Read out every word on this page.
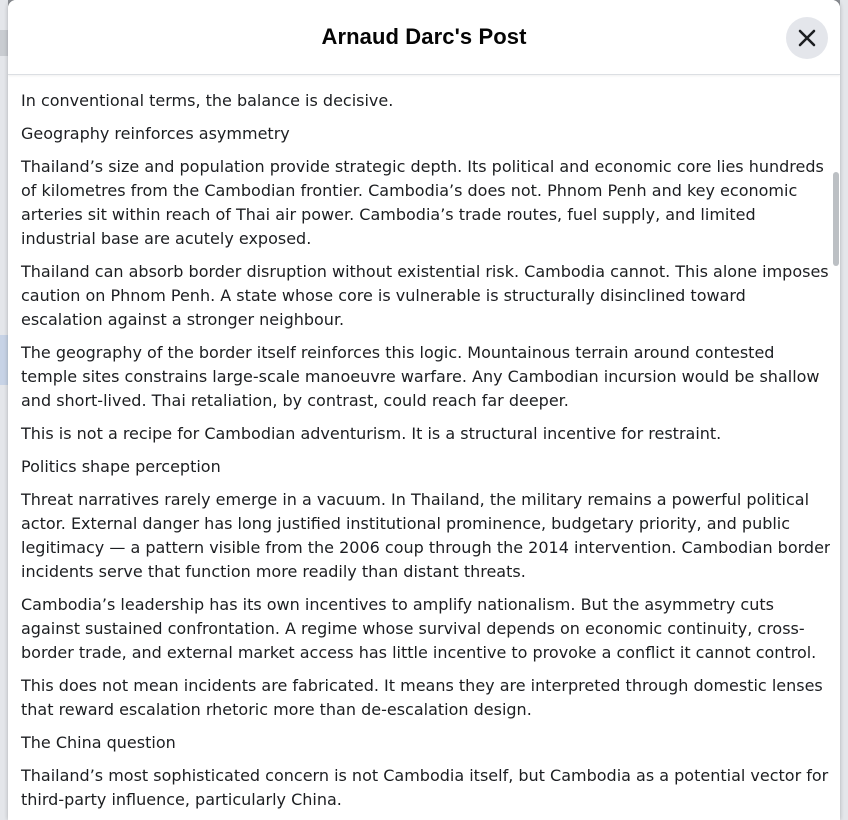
Arnaud Darc's Post

In conventional terms, the balance is decisive.

Geography reinforces asymmetry

Thailand’s size and population provide strategic depth. Its political and economic core lies hundreds of kilometres from the Cambodian frontier. Cambodia’s does not. Phnom Penh and key economic arteries sit within reach of Thai air power. Cambodia’s trade routes, fuel supply, and limited industrial base are acutely exposed.

Thailand can absorb border disruption without existential risk. Cambodia cannot. This alone imposes caution on Phnom Penh. A state whose core is vulnerable is structurally disinclined toward escalation against a stronger neighbour.

The geography of the border itself reinforces this logic. Mountainous terrain around contested temple sites constrains large-scale manoeuvre warfare. Any Cambodian incursion would be shallow and short-lived. Thai retaliation, by contrast, could reach far deeper.

This is not a recipe for Cambodian adventurism. It is a structural incentive for restraint.

Politics shape perception

Threat narratives rarely emerge in a vacuum. In Thailand, the military remains a powerful political actor. External danger has long justified institutional prominence, budgetary priority, and public legitimacy — a pattern visible from the 2006 coup through the 2014 intervention. Cambodian border incidents serve that function more readily than distant threats.

Cambodia’s leadership has its own incentives to amplify nationalism. But the asymmetry cuts against sustained confrontation. A regime whose survival depends on economic continuity, cross-border trade, and external market access has little incentive to provoke a conflict it cannot control.

This does not mean incidents are fabricated. It means they are interpreted through domestic lenses that reward escalation rhetoric more than de-escalation design.

The China question

Thailand’s most sophisticated concern is not Cambodia itself, but Cambodia as a potential vector for third-party influence, particularly China.
